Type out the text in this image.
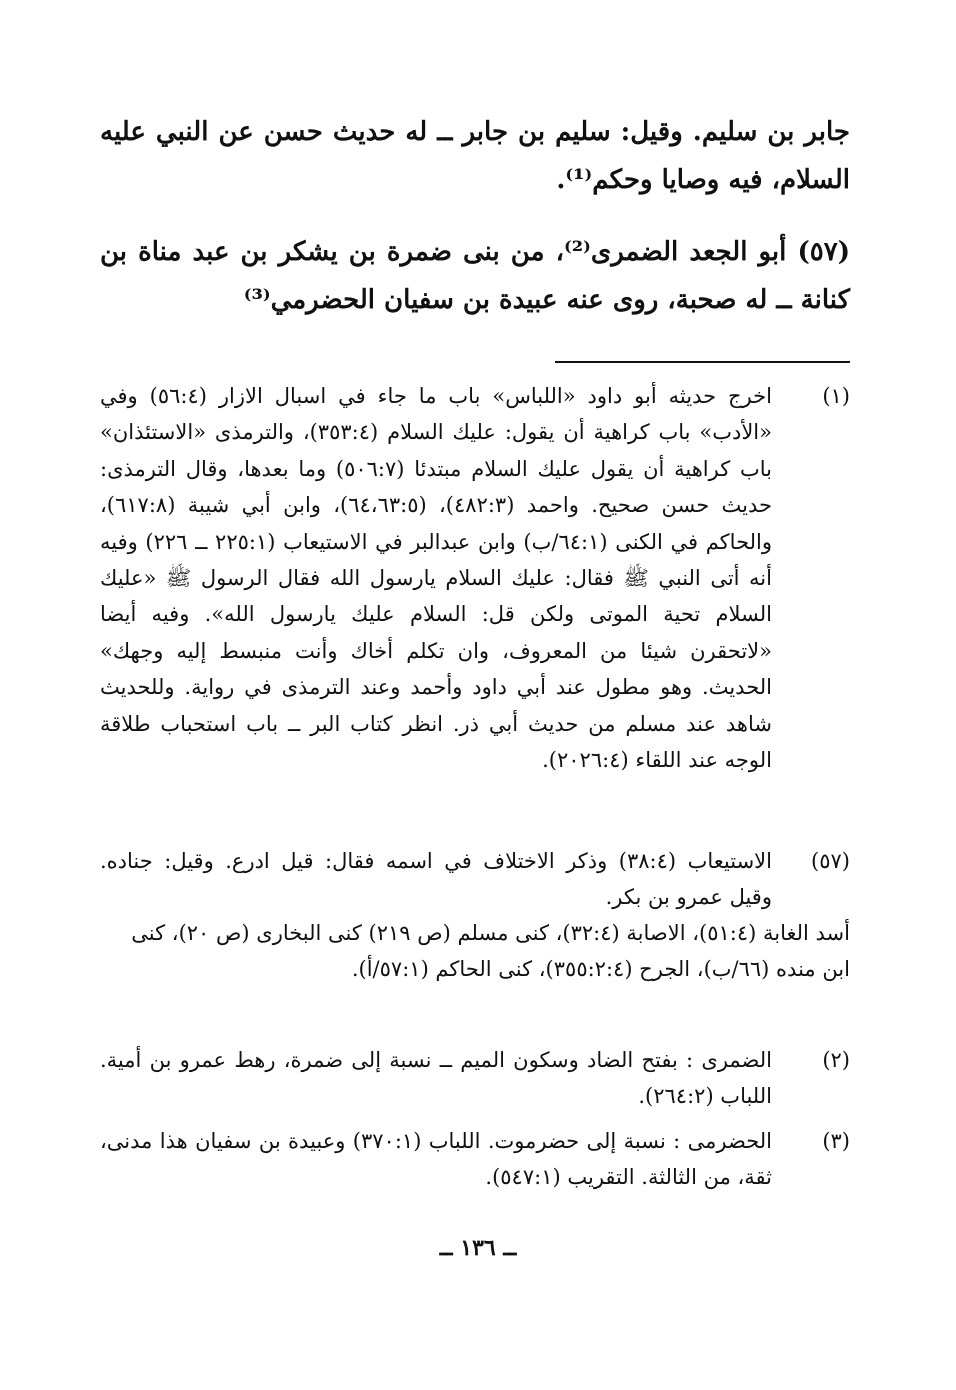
جابر بن سليم. وقيل: سليم بن جابر ــ له حديث حسن عن النبي عليه السلام، فيه وصايا وحكم⁽¹⁾.
(٥٧) أبو الجعد الضمرى⁽²⁾، من بنى ضمرة بن يشكر بن عبد مناة بن كنانة ــ له صحبة، روى عنه عبيدة بن سفيان الحضرمي⁽³⁾
(١)
اخرج حديثه أبو داود «اللباس» باب ما جاء في اسبال الازار (٥٦:٤) وفي «الأدب» باب كراهية أن يقول: عليك السلام (٣٥٣:٤)، والترمذى «الاستئذان» باب كراهية أن يقول عليك السلام مبتدئا (٥٠٦:٧) وما بعدها، وقال الترمذى: حديث حسن صحيح. واحمد (٤٨٢:٣)، (٦٤،٦٣:٥)، وابن أبي شيبة (٦١٧:٨)، والحاكم في الكنى (٦٤:١/ب) وابن عبدالبر في الاستيعاب (٢٢٥:١ ــ ٢٢٦) وفيه أنه أتى النبي ﷺ فقال: عليك السلام يارسول الله فقال الرسول ﷺ «عليك السلام تحية الموتى ولكن قل: السلام عليك يارسول الله». وفيه أيضا «لاتحقرن شيئا من المعروف، وان تكلم أخاك وأنت منبسط إليه وجهك» الحديث. وهو مطول عند أبي داود وأحمد وعند الترمذى في رواية. وللحديث شاهد عند مسلم من حديث أبي ذر. انظر كتاب البر ــ باب استحباب طلاقة الوجه عند اللقاء (٢٠٢٦:٤).
(٥٧)
الاستيعاب (٣٨:٤) وذكر الاختلاف في اسمه فقال: قيل ادرع. وقيل: جناده. وقيل عمرو بن بكر.
أسد الغابة (٥١:٤)، الاصابة (٣٢:٤)، كنى مسلم (ص ٢١٩) كنى البخارى (ص ٢٠)، كنى ابن منده (٦٦/ب)، الجرح (٣٥٥:٢:٤)، كنى الحاكم (٥٧:١/أ).
(٢)
الضمرى : بفتح الضاد وسكون الميم ــ نسبة إلى ضمرة، رهط عمرو بن أمية. اللباب (٢٦٤:٢).
(٣)
الحضرمى : نسبة إلى حضرموت. اللباب (٣٧٠:١) وعبيدة بن سفيان هذا مدنى، ثقة، من الثالثة. التقريب (٥٤٧:١).
ــ ١٣٦ ــ
